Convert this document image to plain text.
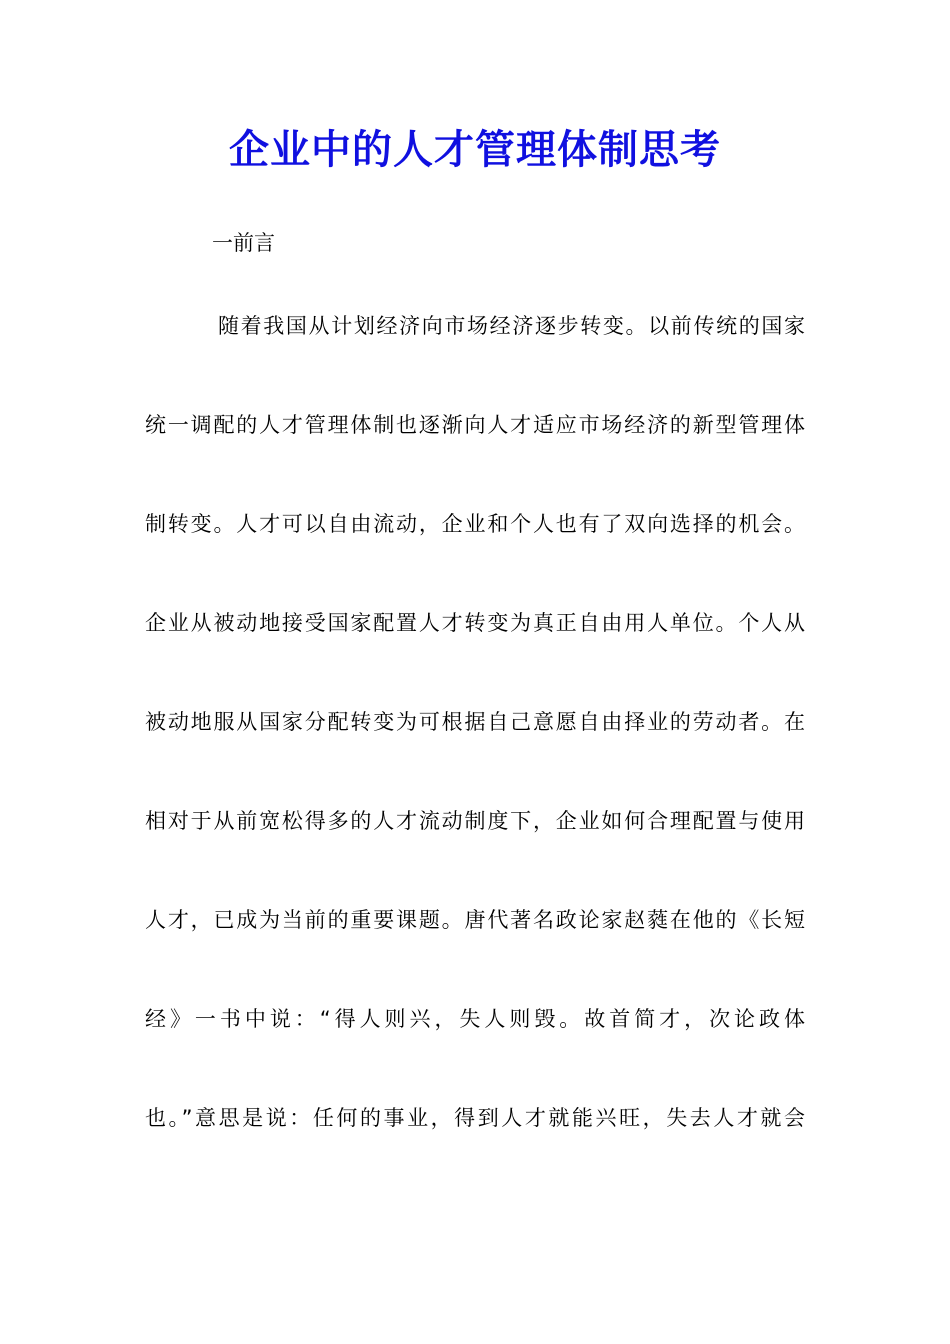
企业中的人才管理体制思考
一前言
随着我国从计划经济向市场经济逐步转变。以前传统的国家
统一调配的人才管理体制也逐渐向人才适应市场经济的新型管理体
制转变。人才可以自由流动，企业和个人也有了双向选择的机会。
企业从被动地接受国家配置人才转变为真正自由用人单位。个人从
被动地服从国家分配转变为可根据自己意愿自由择业的劳动者。在
相对于从前宽松得多的人才流动制度下，企业如何合理配置与使用
人才，已成为当前的重要课题。唐代著名政论家赵蕤在他的《长短
经》一书中说：“得人则兴，失人则毁。故首简才，次论政体
也。”意思是说：任何的事业，得到人才就能兴旺，失去人才就会
